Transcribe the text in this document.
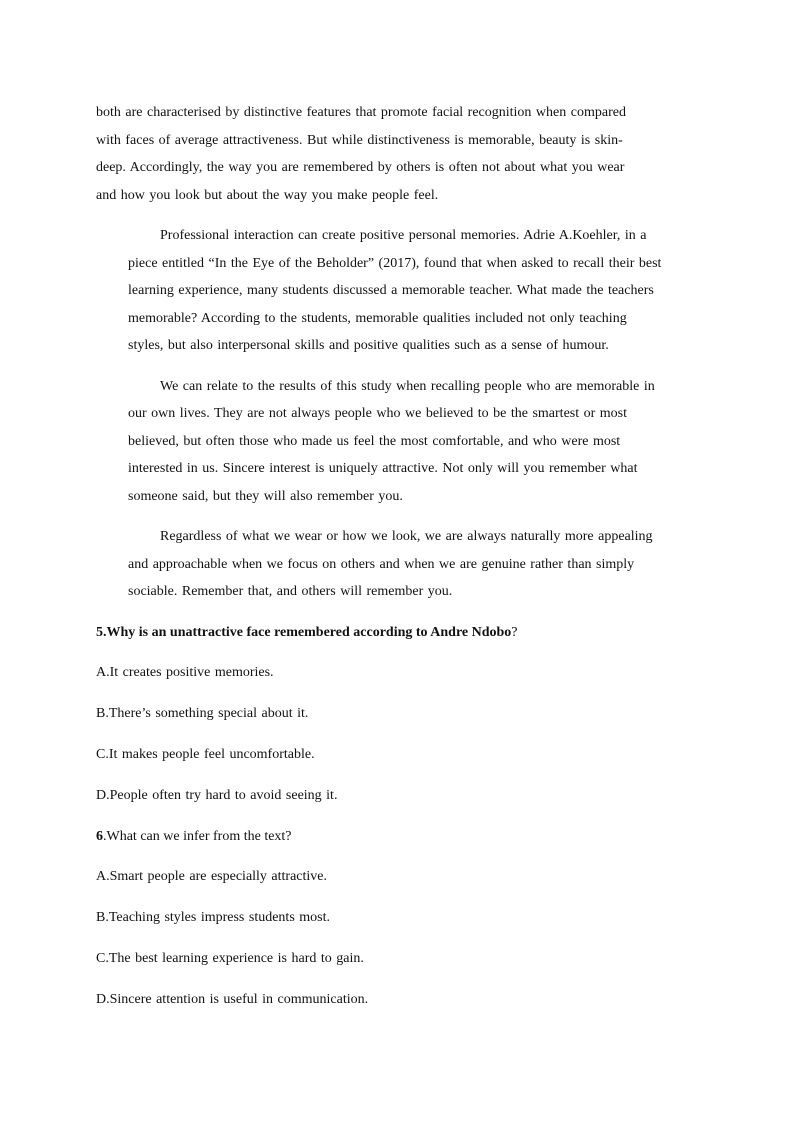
both are characterised by distinctive features that promote facial recognition when compared
with faces of average attractiveness. But while distinctiveness is memorable, beauty is skin-
deep. Accordingly, the way you are remembered by others is often not about what you wear
and how you look but about the way you make people feel.

Professional interaction can create positive personal memories. Adrie A.Koehler, in a
piece entitled “In the Eye of the Beholder” (2017), found that when asked to recall their best
learning experience, many students discussed a memorable teacher. What made the teachers
memorable? According to the students, memorable qualities included not only teaching
styles, but also interpersonal skills and positive qualities such as a sense of humour.

We can relate to the results of this study when recalling people who are memorable in
our own lives. They are not always people who we believed to be the smartest or most
believed, but often those who made us feel the most comfortable, and who were most
interested in us. Sincere interest is uniquely attractive. Not only will you remember what
someone said, but they will also remember you.

Regardless of what we wear or how we look, we are always naturally more appealing
and approachable when we focus on others and when we are genuine rather than simply
sociable. Remember that, and others will remember you.

5.Why is an unattractive face remembered according to Andre Ndobo?
A.It creates positive memories.
B.There’s something special about it.
C.It makes people feel uncomfortable.
D.People often try hard to avoid seeing it.
6.What can we infer from the text?
A.Smart people are especially attractive.
B.Teaching styles impress students most.
C.The best learning experience is hard to gain.
D.Sincere attention is useful in communication.
